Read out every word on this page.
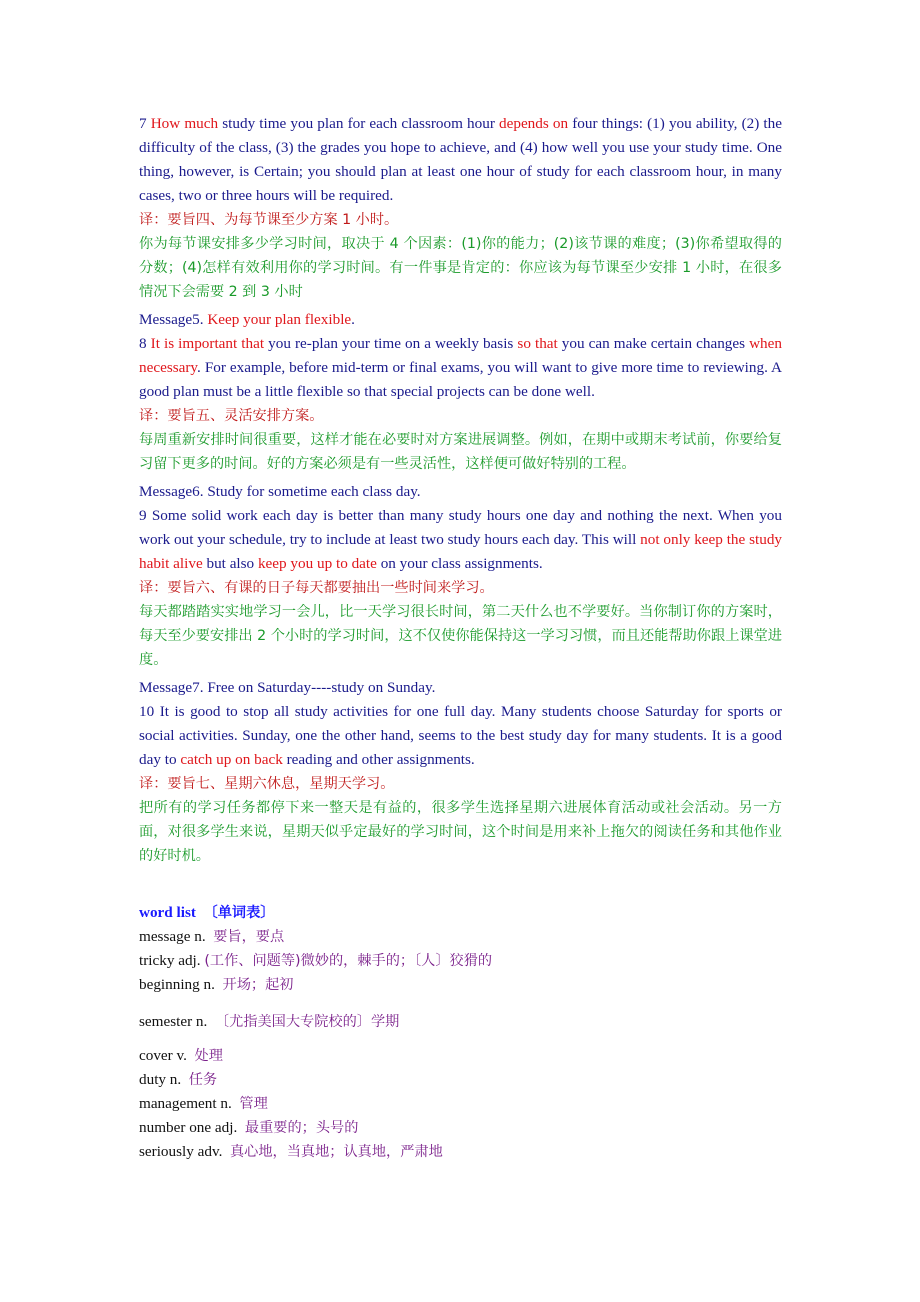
7 How much study time you plan for each classroom hour depends on four things: (1) you ability, (2) the difficulty of the class, (3) the grades you hope to achieve, and (4) how well you use your study time. One thing, however, is Certain; you should plan at least one hour of study for each classroom hour, in many cases, two or three hours will be required.

译：要旨四、为每节课至少方案 1 小时。
你为每节课安排多少学习时间，取决于 4 个因素：(1)你的能力；(2)该节课的难度；(3)你希望取得的分数；(4)怎样有效利用你的学习时间。有一件事是肯定的：你应该为每节课至少安排 1 小时，在很多情况下会需要 2 到 3 小时
Message5. Keep your plan flexible.

8 It is important that you re-plan your time on a weekly basis so that you can make certain changes when necessary. For example, before mid-term or final exams, you will want to give more time to reviewing. A good plan must be a little flexible so that special projects can be done well.

译：要旨五、灵活安排方案。
每周重新安排时间很重要，这样才能在必要时对方案进展调整。例如，在期中或期末考试前，你要给复习留下更多的时间。好的方案必须是有一些灵活性，这样便可做好特别的工程。
Message6. Study for sometime each class day.

9 Some solid work each day is better than many study hours one day and nothing the next. When you work out your schedule, try to include at least two study hours each day. This will not only keep the study habit alive but also keep you up to date on your class assignments.

译：要旨六、有课的日子每天都要抽出一些时间来学习。
每天都踏踏实实地学习一会儿，比一天学习很长时间，第二天什么也不学要好。当你制订你的方案时，每天至少要安排出 2 个小时的学习时间，这不仅使你能保持这一学习习惯，而且还能帮助你跟上课堂进度。
Message7. Free on Saturday----study on Sunday.

10 It is good to stop all study activities for one full day. Many students choose Saturday for sports or social activities. Sunday, one the other hand, seems to the best study day for many students. It is a good day to catch up on back reading and other assignments.

译：要旨七、星期六休息，星期天学习。
把所有的学习任务都停下来一整天是有益的，很多学生选择星期六进展体育活动或社会活动。另一方面，对很多学生来说，星期天似乎定最好的学习时间，这个时间是用来补上拖欠的阅读任务和其他作业的好时机。
word list 〔单词表〕
message n. 要旨，要点
tricky adj. (工作、问题等)微妙的，棘手的；〔人〕狡猾的
beginning n. 开场；起初
semester n. 〔尤指美国大专院校的〕学期
cover v. 处理
duty n. 任务
management n. 管理
number one adj. 最重要的；头号的
seriously adv. 真心地，当真地；认真地，严肃地
